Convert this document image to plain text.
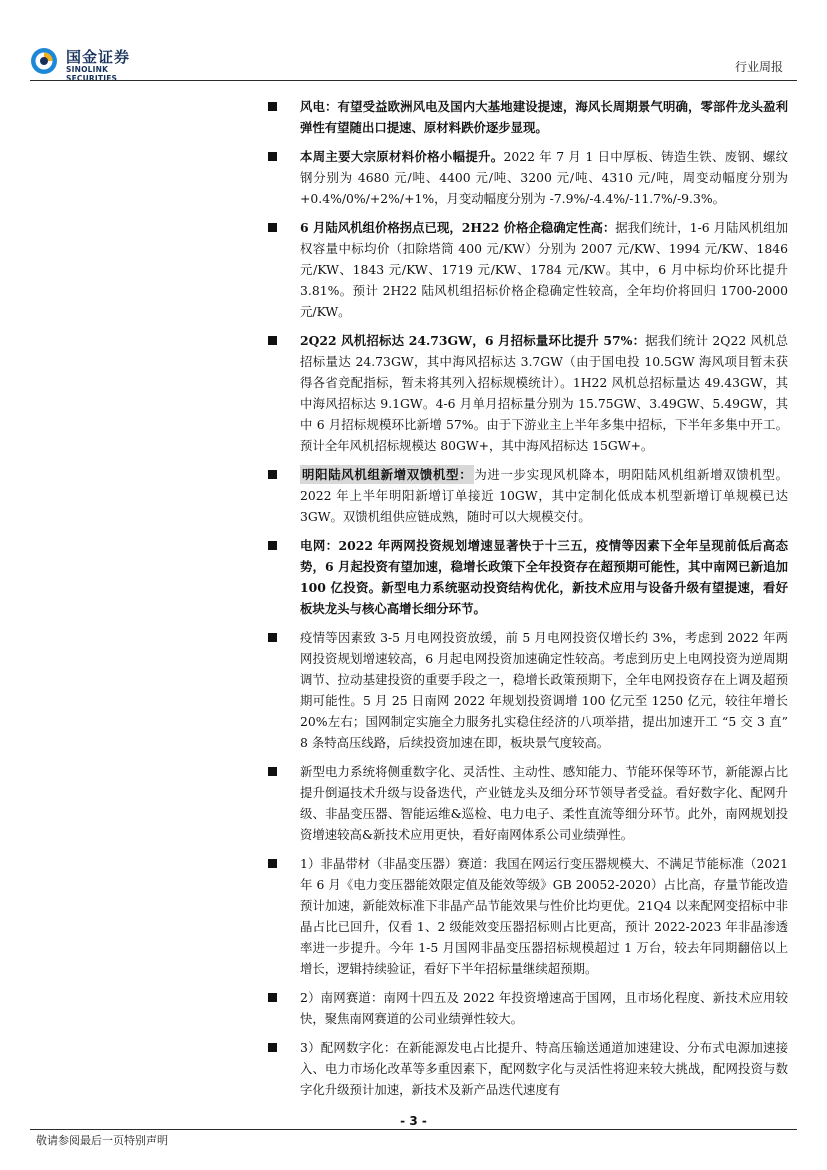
国金证券
SINOLINK SECURITIES
行业周报
风电：有望受益欧洲风电及国内大基地建设提速，海风长周期景气明确，零部件龙头盈利弹性有望随出口提速、原材料跌价逐步显现。
本周主要大宗原材料价格小幅提升。2022 年 7 月 1 日中厚板、铸造生铁、废钢、螺纹钢分别为 4680 元/吨、4400 元/吨、3200 元/吨、4310 元/吨，周变动幅度分别为 +0.4%/0%/+2%/+1%，月变动幅度分别为 -7.9%/-4.4%/-11.7%/-9.3%。
6 月陆风机组价格拐点已现，2H22 价格企稳确定性高：据我们统计，1-6 月陆风机组加权容量中标均价（扣除塔筒 400 元/KW）分别为 2007 元/KW、1994 元/KW、1846 元/KW、1843 元/KW、1719 元/KW、1784 元/KW。其中，6 月中标均价环比提升 3.81%。预计 2H22 陆风机组招标价格企稳确定性较高，全年均价将回归 1700-2000 元/KW。
2Q22 风机招标达 24.73GW，6 月招标量环比提升 57%：据我们统计 2Q22 风机总招标量达 24.73GW，其中海风招标达 3.7GW（由于国电投 10.5GW 海风项目暂未获得各省竞配指标，暂未将其列入招标规模统计）。1H22 风机总招标量达 49.43GW，其中海风招标达 9.1GW。4-6 月单月招标量分别为 15.75GW、3.49GW、5.49GW，其中 6 月招标规模环比新增 57%。由于下游业主上半年多集中招标，下半年多集中开工。预计全年风机招标规模达 80GW+，其中海风招标达 15GW+。
明阳陆风机组新增双馈机型： 为进一步实现风机降本，明阳陆风机组新增双馈机型。2022 年上半年明阳新增订单接近 10GW，其中定制化低成本机型新增订单规模已达 3GW。双馈机组供应链成熟，随时可以大规模交付。
电网：2022 年两网投资规划增速显著快于十三五，疫情等因素下全年呈现前低后高态势，6 月起投资有望加速，稳增长政策下全年投资存在超预期可能性，其中南网已新追加 100 亿投资。新型电力系统驱动投资结构优化，新技术应用与设备升级有望提速，看好板块龙头与核心高增长细分环节。
疫情等因素致 3-5 月电网投资放缓，前 5 月电网投资仅增长约 3%，考虑到 2022 年两网投资规划增速较高，6 月起电网投资加速确定性较高。考虑到历史上电网投资为逆周期调节、拉动基建投资的重要手段之一，稳增长政策预期下，全年电网投资存在上调及超预期可能性。5 月 25 日南网 2022 年规划投资调增 100 亿元至 1250 亿元，较往年增长 20%左右；国网制定实施全力服务扎实稳住经济的八项举措，提出加速开工 “5 交 3 直” 8 条特高压线路，后续投资加速在即，板块景气度较高。
新型电力系统将侧重数字化、灵活性、主动性、感知能力、节能环保等环节，新能源占比提升倒逼技术升级与设备迭代，产业链龙头及细分环节领导者受益。看好数字化、配网升级、非晶变压器、智能运维&巡检、电力电子、柔性直流等细分环节。此外，南网规划投资增速较高&新技术应用更快，看好南网体系公司业绩弹性。
1）非晶带材（非晶变压器）赛道：我国在网运行变压器规模大、不满足节能标准（2021 年 6 月《电力变压器能效限定值及能效等级》GB 20052-2020）占比高，存量节能改造预计加速，新能效标准下非晶产品节能效果与性价比均更优。21Q4 以来配网变招标中非晶占比已回升，仅看 1、2 级能效变压器招标则占比更高，预计 2022-2023 年非晶渗透率进一步提升。今年 1-5 月国网非晶变压器招标规模超过 1 万台，较去年同期翻倍以上增长，逻辑持续验证，看好下半年招标量继续超预期。
2）南网赛道：南网十四五及 2022 年投资增速高于国网，且市场化程度、新技术应用较快，聚焦南网赛道的公司业绩弹性较大。
3）配网数字化：在新能源发电占比提升、特高压输送通道加速建设、分布式电源加速接入、电力市场化改革等多重因素下，配网数字化与灵活性将迎来较大挑战，配网投资与数字化升级预计加速，新技术及新产品迭代速度有
- 3 -
敬请参阅最后一页特别声明
